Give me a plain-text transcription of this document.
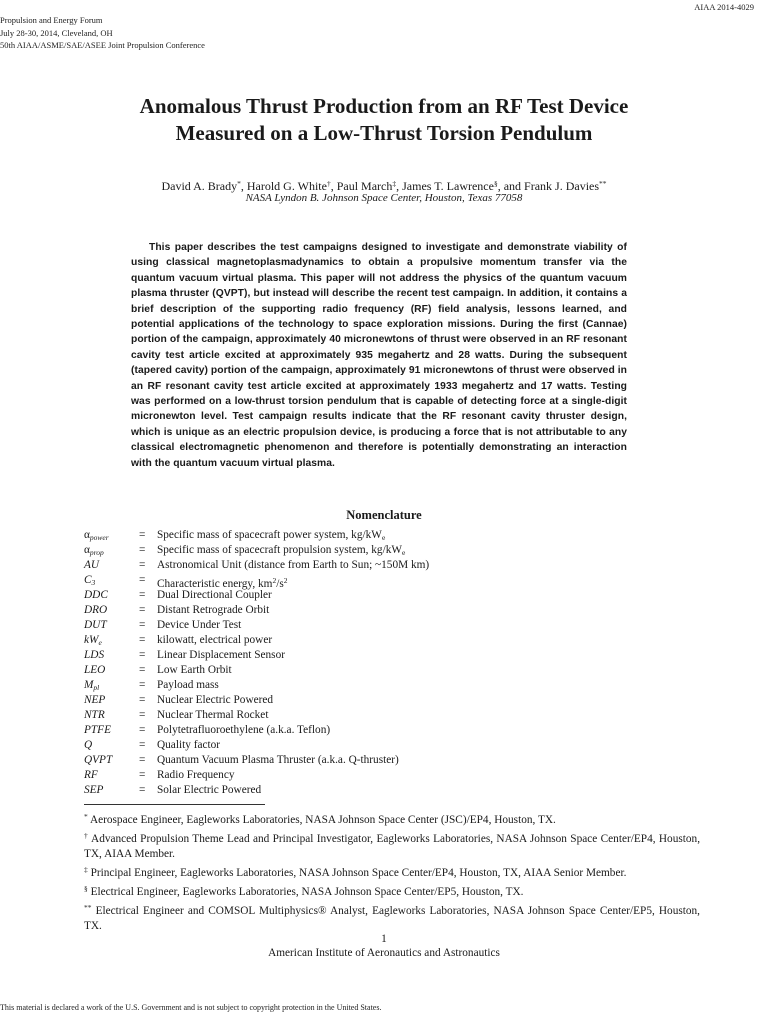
Propulsion and Energy Forum
July 28-30, 2014, Cleveland, OH
50th AIAA/ASME/SAE/ASEE Joint Propulsion Conference
AIAA 2014-4029
Anomalous Thrust Production from an RF Test Device
Measured on a Low-Thrust Torsion Pendulum
David A. Brady*, Harold G. White†, Paul March‡, James T. Lawrence§, and Frank J. Davies**
NASA Lyndon B. Johnson Space Center, Houston, Texas 77058
This paper describes the test campaigns designed to investigate and demonstrate viability of using classical magnetoplasmadynamics to obtain a propulsive momentum transfer via the quantum vacuum virtual plasma. This paper will not address the physics of the quantum vacuum plasma thruster (QVPT), but instead will describe the recent test campaign. In addition, it contains a brief description of the supporting radio frequency (RF) field analysis, lessons learned, and potential applications of the technology to space exploration missions. During the first (Cannae) portion of the campaign, approximately 40 micronewtons of thrust were observed in an RF resonant cavity test article excited at approximately 935 megahertz and 28 watts. During the subsequent (tapered cavity) portion of the campaign, approximately 91 micronewtons of thrust were observed in an RF resonant cavity test article excited at approximately 1933 megahertz and 17 watts. Testing was performed on a low-thrust torsion pendulum that is capable of detecting force at a single-digit micronewton level. Test campaign results indicate that the RF resonant cavity thruster design, which is unique as an electric propulsion device, is producing a force that is not attributable to any classical electromagnetic phenomenon and therefore is potentially demonstrating an interaction with the quantum vacuum virtual plasma.
Nomenclature
αpower	=	Specific mass of spacecraft power system, $kg/kW_e$
αprop	=	Specific mass of spacecraft propulsion system, $kg/kW_e$
AU	=	Astronomical Unit (distance from Earth to Sun; ~150M km)
C3	=	Characteristic energy, $km^2/s^2$
DDC	=	Dual Directional Coupler
DRO	=	Distant Retrograde Orbit
DUT	=	Device Under Test
kWe	=	kilowatt, electrical power
LDS	=	Linear Displacement Sensor
LEO	=	Low Earth Orbit
Mpl	=	Payload mass
NEP	=	Nuclear Electric Powered
NTR	=	Nuclear Thermal Rocket
PTFE	=	Polytetrafluoroethylene (a.k.a. Teflon)
Q	=	Quality factor
QVPT	=	Quantum Vacuum Plasma Thruster (a.k.a. Q-thruster)
RF	=	Radio Frequency
SEP	=	Solar Electric Powered

* Aerospace Engineer, Eagleworks Laboratories, NASA Johnson Space Center (JSC)/EP4, Houston, TX.

† Advanced Propulsion Theme Lead and Principal Investigator, Eagleworks Laboratories, NASA Johnson Space Center/EP4, Houston, TX, AIAA Member.

‡ Principal Engineer, Eagleworks Laboratories, NASA Johnson Space Center/EP4, Houston, TX, AIAA Senior Member.

§ Electrical Engineer, Eagleworks Laboratories, NASA Johnson Space Center/EP5, Houston, TX.

** Electrical Engineer and COMSOL Multiphysics® Analyst, Eagleworks Laboratories, NASA Johnson Space Center/EP5, Houston, TX.

1
American Institute of Aeronautics and Astronautics
This material is declared a work of the U.S. Government and is not subject to copyright protection in the United States.
